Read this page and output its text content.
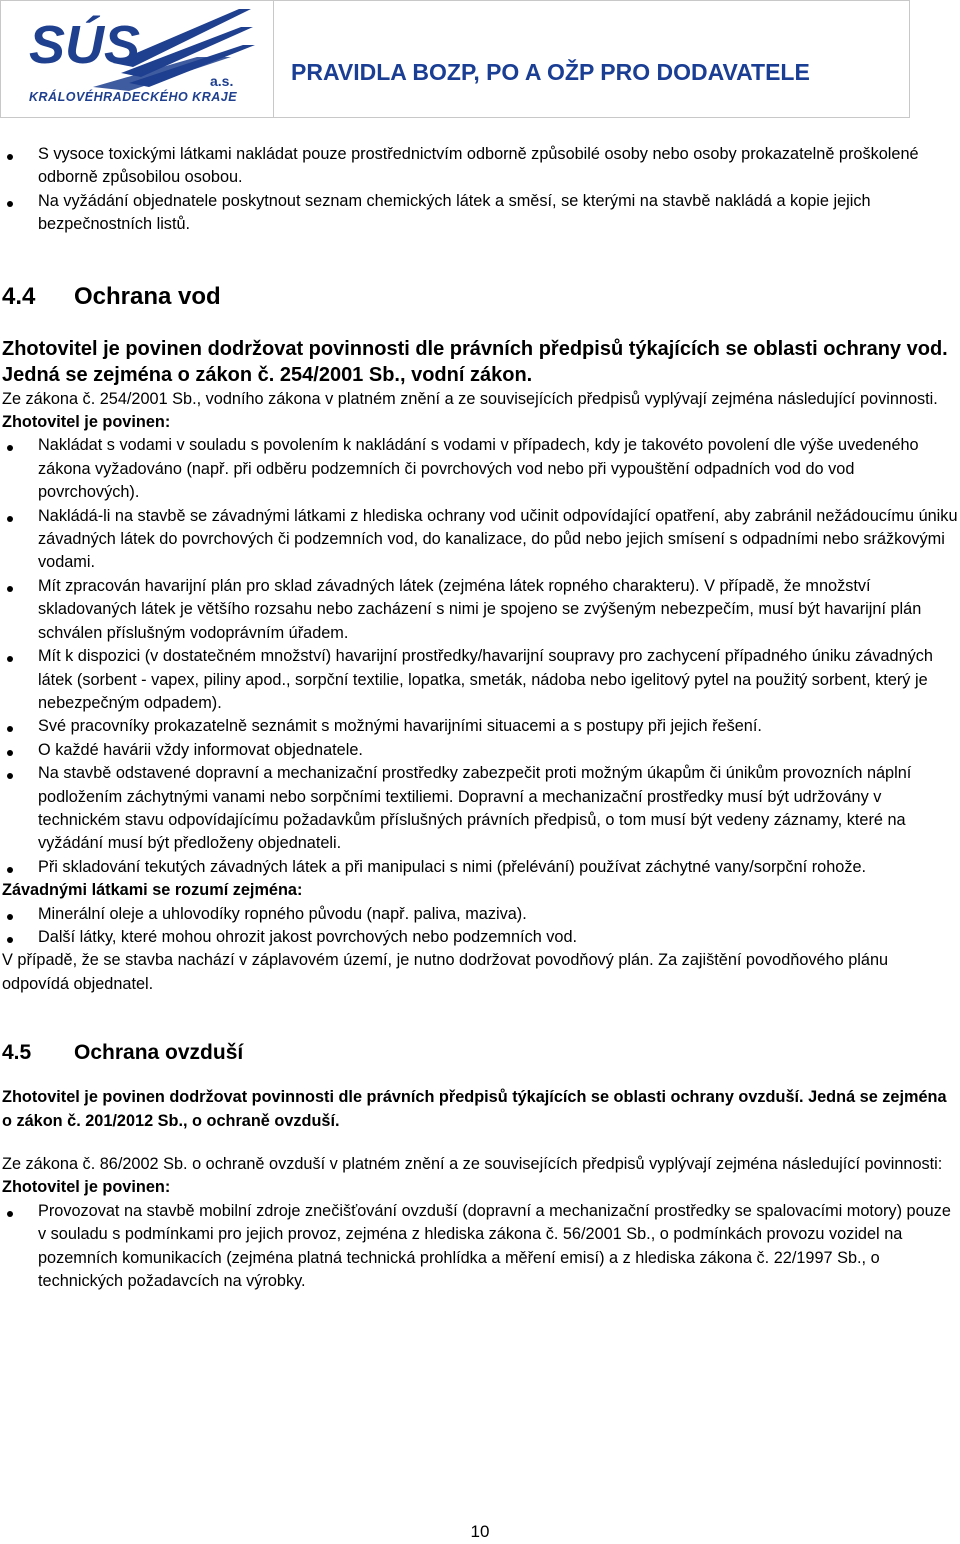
SÚS
a.s.
KRÁLOVÉHRADECKÉHO KRAJE
PRAVIDLA BOZP, PO A OŽP PRO DODAVATELE
S vysoce toxickými látkami nakládat pouze prostřednictvím odborně způsobilé osoby nebo osoby prokazatelně proškolené odborně způsobilou osobou.
Na vyžádání objednatele poskytnout seznam chemických látek a směsí, se kterými na stavbě nakládá a kopie jejich bezpečnostních listů.
4.4 Ochrana vod

Zhotovitel je povinen dodržovat povinnosti dle právních předpisů týkajících se oblasti ochrany vod. Jedná se zejména o zákon č. 254/2001 Sb., vodní zákon.

Ze zákona č. 254/2001 Sb., vodního zákona v platném znění a ze souvisejících předpisů vyplývají zejména následující povinnosti.

Zhotovitel je povinen:

Nakládat s vodami v souladu s povolením k nakládání s vodami v případech, kdy je takovéto povolení dle výše uvedeného zákona vyžadováno (např. při odběru podzemních či povrchových vod nebo při vypouštění odpadních vod do vod povrchových).
Nakládá-li na stavbě se závadnými látkami z hlediska ochrany vod učinit odpovídající opatření, aby zabránil nežádoucímu úniku závadných látek do povrchových či podzemních vod, do kanalizace, do půd nebo jejich smísení s odpadními nebo srážkovými vodami.
Mít zpracován havarijní plán pro sklad závadných látek (zejména látek ropného charakteru). V případě, že množství skladovaných látek je většího rozsahu nebo zacházení s nimi je spojeno se zvýšeným nebezpečím, musí být havarijní plán schválen příslušným vodoprávním úřadem.
Mít k dispozici (v dostatečném množství) havarijní prostředky/havarijní soupravy pro zachycení případného úniku závadných látek (sorbent - vapex, piliny apod., sorpční textilie, lopatka, smeták, nádoba nebo igelitový pytel na použitý sorbent, který je nebezpečným odpadem).
Své pracovníky prokazatelně seznámit s možnými havarijními situacemi a s postupy při jejich řešení.
O každé havárii vždy informovat objednatele.
Na stavbě odstavené dopravní a mechanizační prostředky zabezpečit proti možným úkapům či únikům provozních náplní podložením záchytnými vanami nebo sorpčními textiliemi. Dopravní a mechanizační prostředky musí být udržovány v technickém stavu odpovídajícímu požadavkům příslušných právních předpisů, o tom musí být vedeny záznamy, které na vyžádání musí být předloženy objednateli.
Při skladování tekutých závadných látek a při manipulaci s nimi (přelévání) používat záchytné vany/sorpční rohože.

Závadnými látkami se rozumí zejména:

Minerální oleje a uhlovodíky ropného původu (např. paliva, maziva).
Další látky, které mohou ohrozit jakost povrchových nebo podzemních vod.

V případě, že se stavba nachází v záplavovém území, je nutno dodržovat povodňový plán. Za zajištění povodňového plánu odpovídá objednatel.

4.5 Ochrana ovzduší

Zhotovitel je povinen dodržovat povinnosti dle právních předpisů týkajících se oblasti ochrany ovzduší. Jedná se zejména o zákon č. 201/2012 Sb., o ochraně ovzduší.

Ze zákona č. 86/2002 Sb. o ochraně ovzduší v platném znění a ze souvisejících předpisů vyplývají zejména následující povinnosti:

Zhotovitel je povinen:

Provozovat na stavbě mobilní zdroje znečišťování ovzduší (dopravní a mechanizační prostředky se spalovacími motory) pouze v souladu s podmínkami pro jejich provoz, zejména z hlediska zákona č. 56/2001 Sb., o podmínkách provozu vozidel na pozemních komunikacích (zejména platná technická prohlídka a měření emisí) a z hlediska zákona č. 22/1997 Sb., o technických požadavcích na výrobky.
10
